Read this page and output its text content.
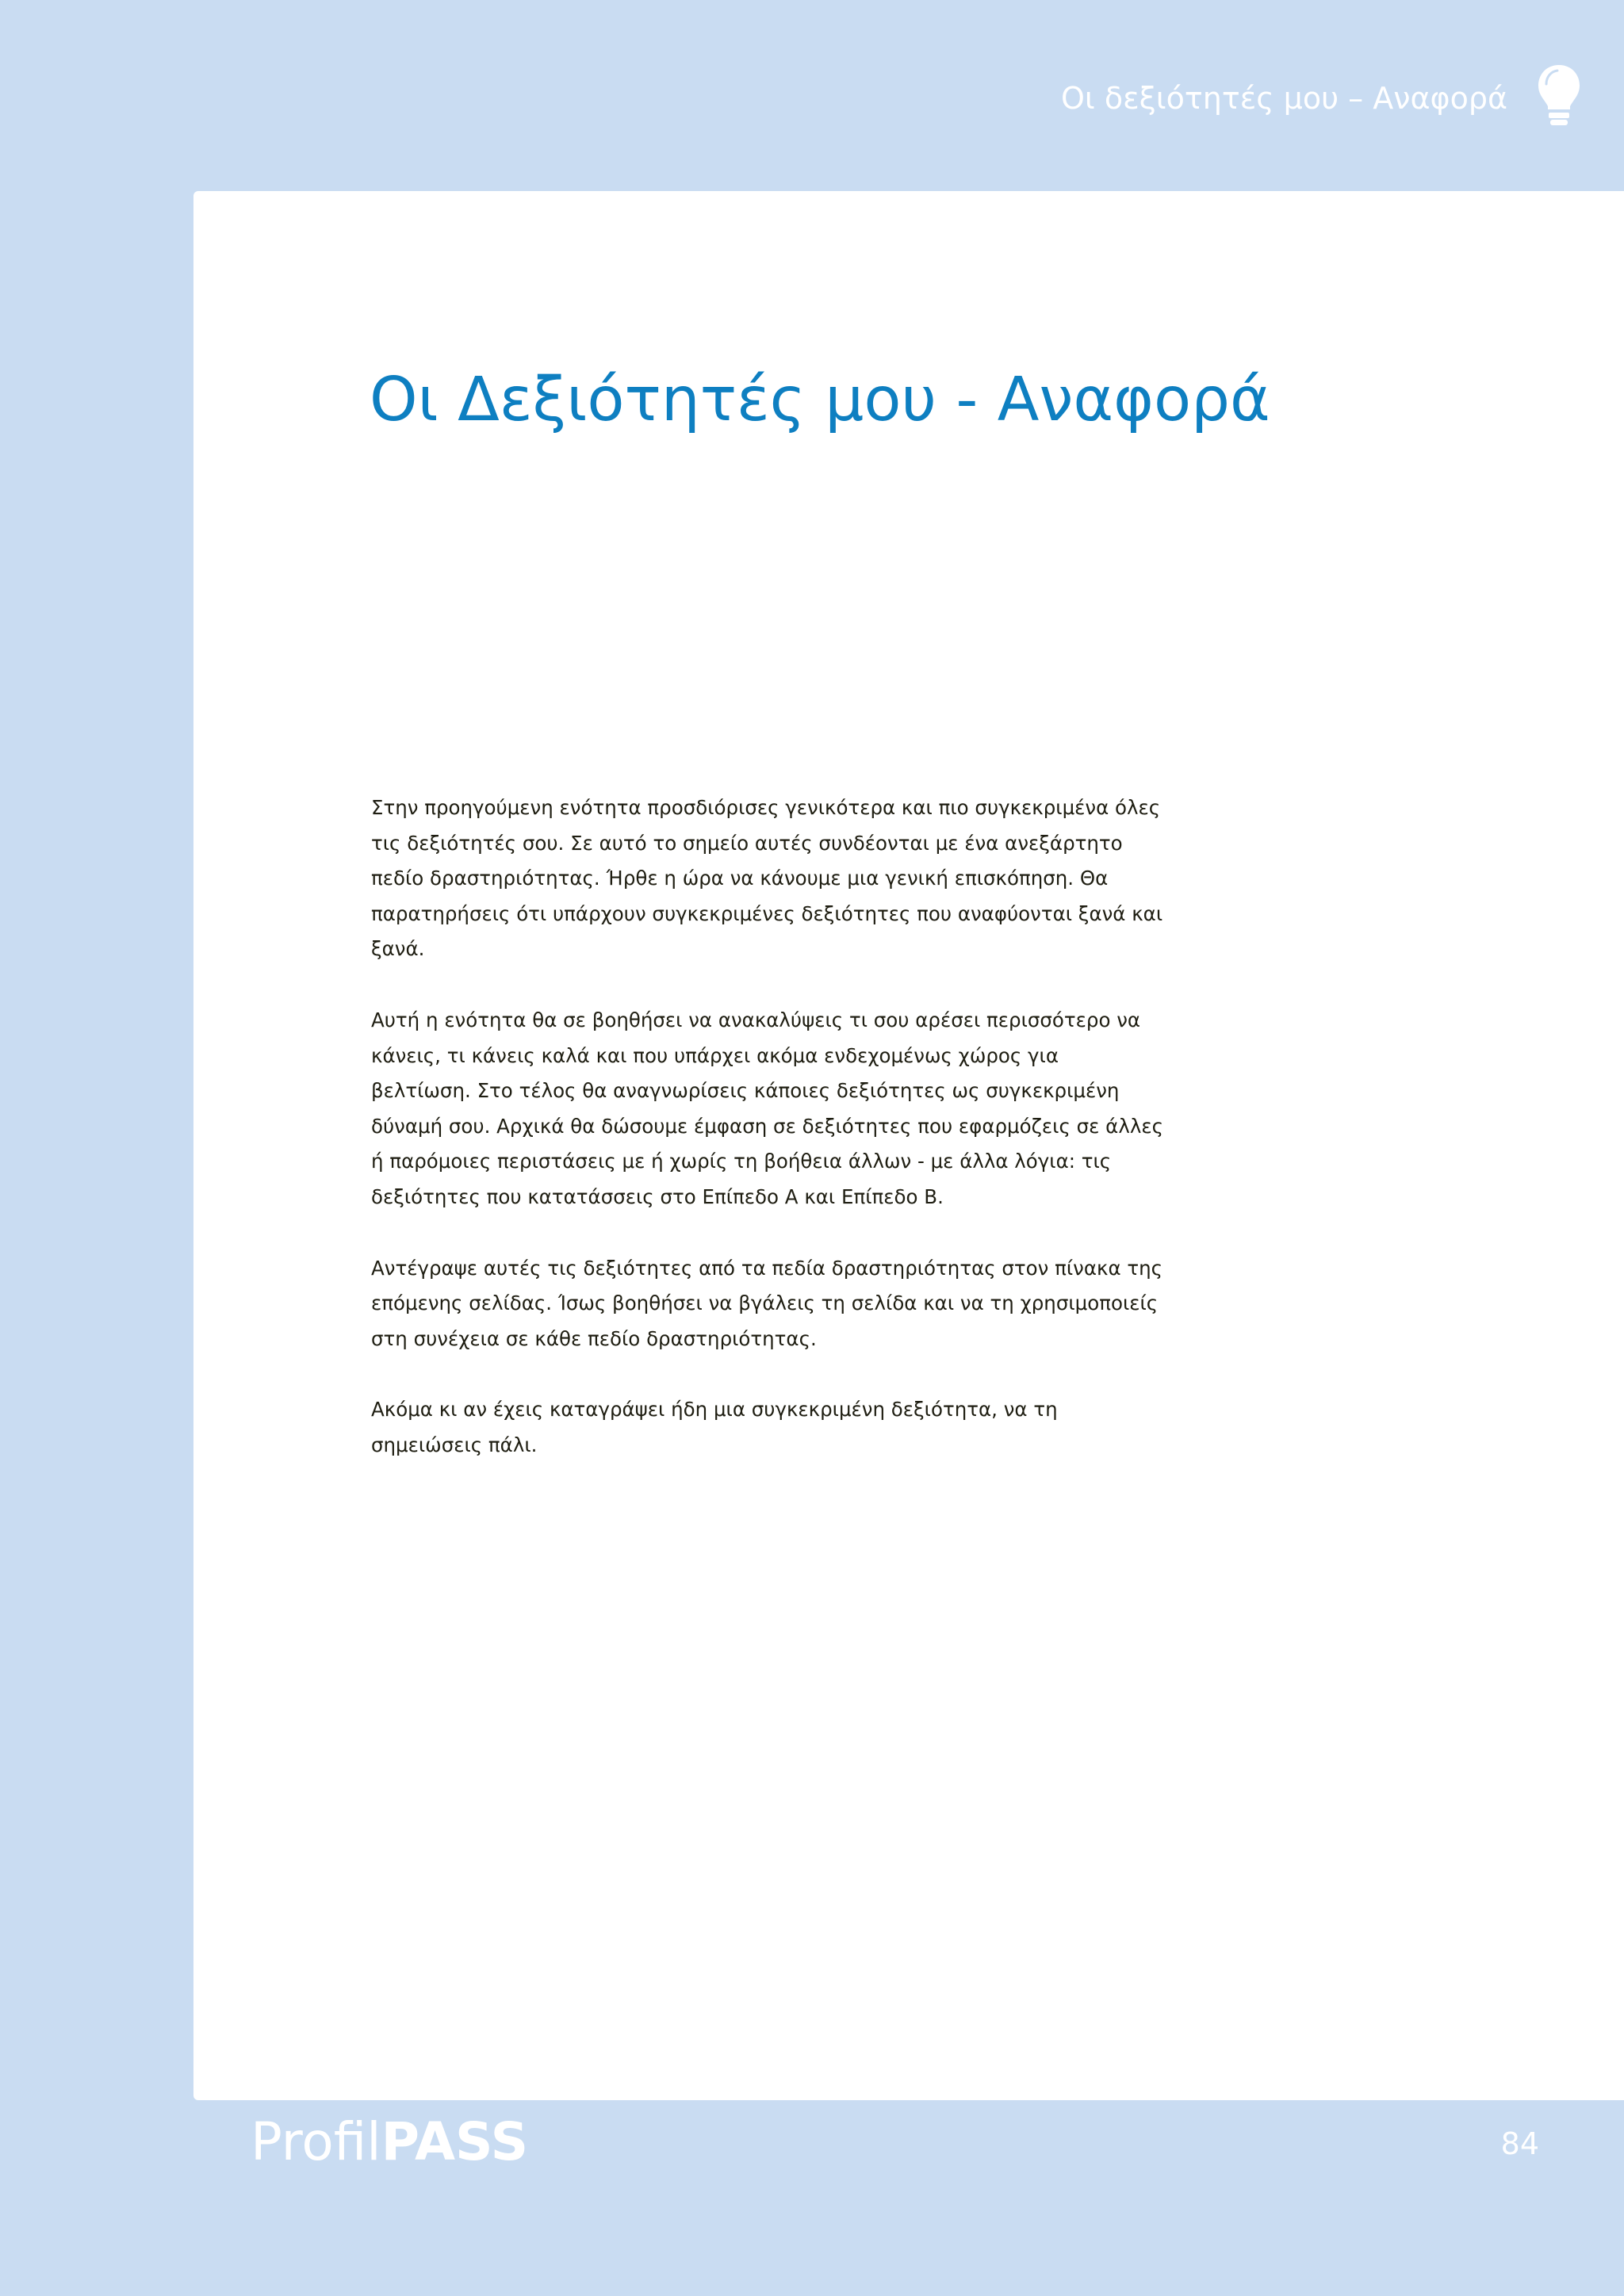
Οι δεξιότητές μου – Αναφορά
Οι Δεξιότητές μου - Αναφορά

Στην προηγούμενη ενότητα προσδιόρισες γενικότερα και πιο συγκεκριμένα όλες τις δεξιότητές σου. Σε αυτό το σημείο αυτές συνδέονται με ένα ανεξάρτητο πεδίο δραστηριότητας. Ήρθε η ώρα να κάνουμε μια γενική επισκόπηση. Θα παρατηρήσεις ότι υπάρχουν συγκεκριμένες δεξιότητες που αναφύονται ξανά και ξανά.

Αυτή η ενότητα θα σε βοηθήσει να ανακαλύψεις τι σου αρέσει περισσότερο να κάνεις, τι κάνεις καλά και που υπάρχει ακόμα ενδεχομένως χώρος για βελτίωση. Στο τέλος θα αναγνωρίσεις κάποιες δεξιότητες ως συγκεκριμένη δύναμή σου. Αρχικά θα δώσουμε έμφαση σε δεξιότητες που εφαρμόζεις σε άλλες ή παρόμοιες περιστάσεις με ή χωρίς τη βοήθεια άλλων - με άλλα λόγια: τις δεξιότητες που κατατάσσεις στο Επίπεδο Α και Επίπεδο Β.

Αντέγραψε αυτές τις δεξιότητες από τα πεδία δραστηριότητας στον πίνακα της επόμενης σελίδας. Ίσως βοηθήσει να βγάλεις τη σελίδα και να τη χρησιμοποιείς στη συνέχεια σε κάθε πεδίο δραστηριότητας.

Ακόμα κι αν έχεις καταγράψει ήδη μια συγκεκριμένη δεξιότητα, να τη σημειώσεις πάλι.

ProfilPASS	84
